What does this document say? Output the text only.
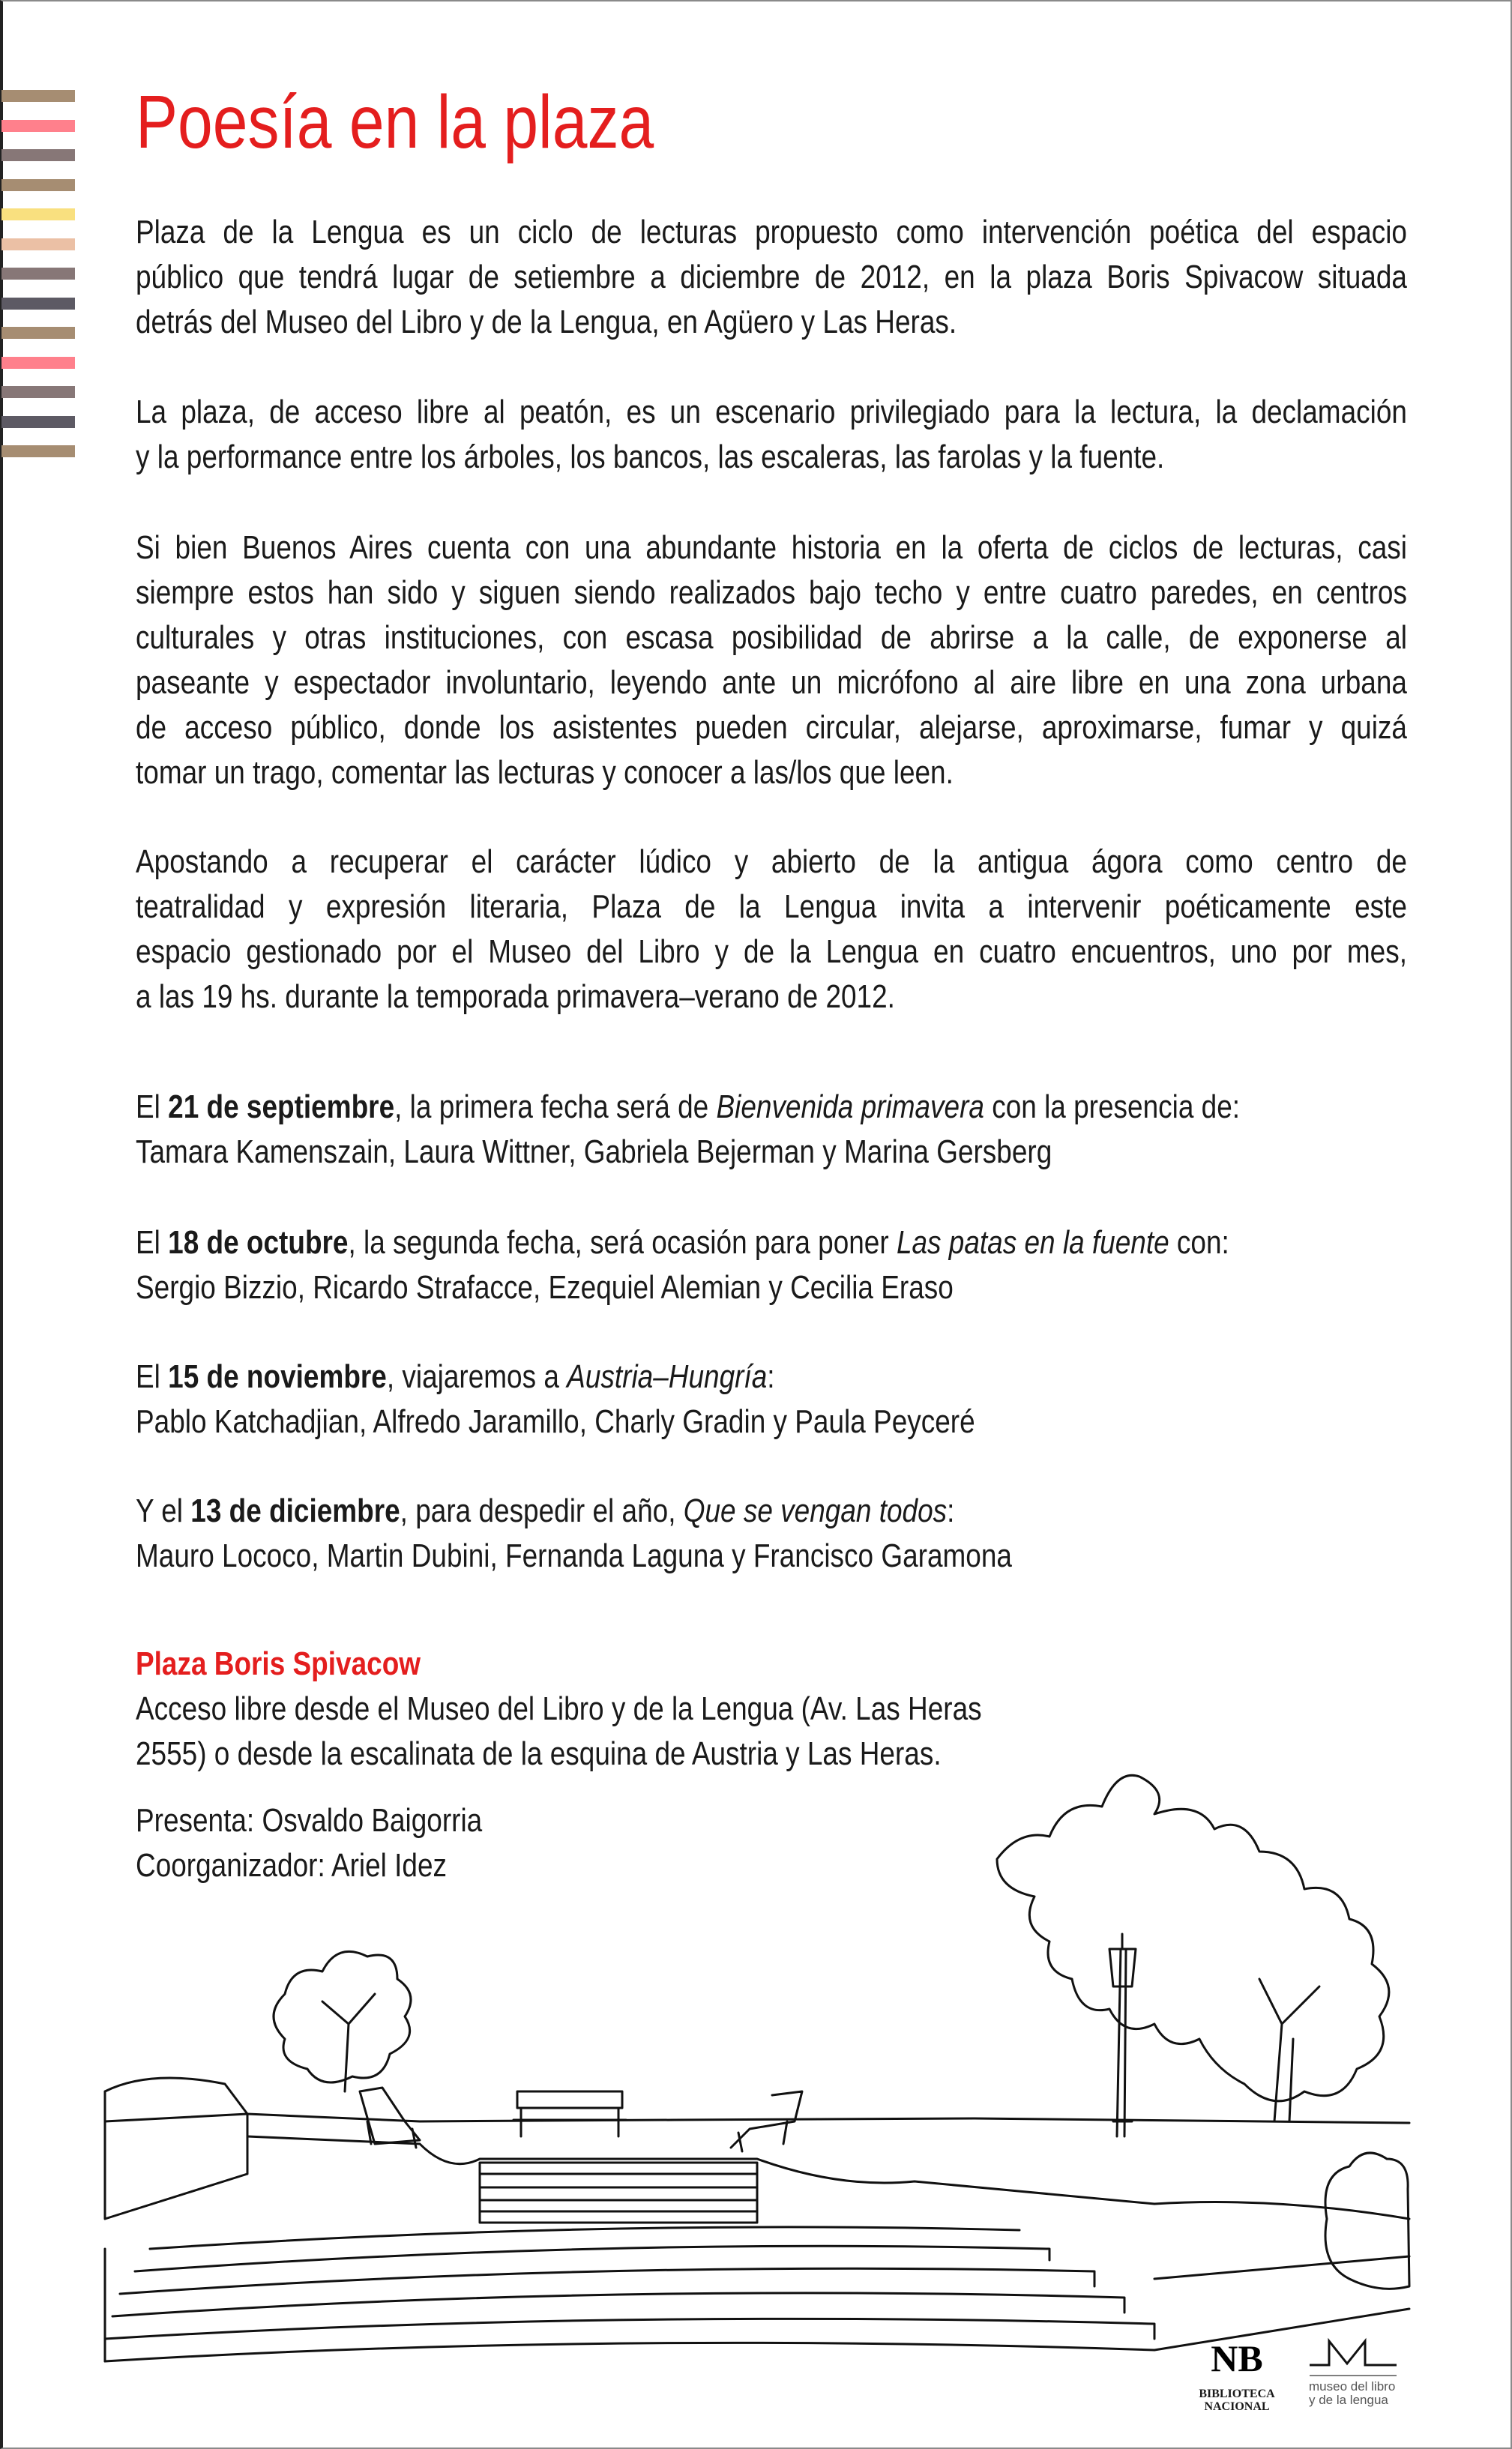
Poesía en la plaza
Plaza de la Lengua es un ciclo de lecturas propuesto como intervención poética del espacio
público que tendrá lugar de setiembre a diciembre de 2012, en la plaza Boris Spivacow situada
detrás del Museo del Libro y de la Lengua, en Agüero y Las Heras.
La plaza, de acceso libre al peatón, es un escenario privilegiado para la lectura, la declamación
y la performance entre los árboles, los bancos, las escaleras, las farolas y la fuente.
Si bien Buenos Aires cuenta con una abundante historia en la oferta de ciclos de lecturas, casi
siempre estos han sido y siguen siendo realizados bajo techo y entre cuatro paredes, en centros
culturales y otras instituciones, con escasa posibilidad de abrirse a la calle, de exponerse al
paseante y espectador involuntario, leyendo ante un micrófono al aire libre en una zona urbana
de acceso público, donde los asistentes pueden circular, alejarse, aproximarse, fumar y quizá
tomar un trago, comentar las lecturas y conocer a las/los que leen.
Apostando a recuperar el carácter lúdico y abierto de la antigua ágora como centro de
teatralidad y expresión literaria, Plaza de la Lengua invita a intervenir poéticamente este
espacio gestionado por el Museo del Libro y de la Lengua en cuatro encuentros, uno por mes,
a las 19 hs. durante la temporada primavera–verano de 2012.
El 21 de septiembre, la primera fecha será de Bienvenida primavera con la presencia de:
Tamara Kamenszain, Laura Wittner, Gabriela Bejerman y Marina Gersberg
El 18 de octubre, la segunda fecha, será ocasión para poner Las patas en la fuente con:
Sergio Bizzio, Ricardo Strafacce, Ezequiel Alemian y Cecilia Eraso
El 15 de noviembre, viajaremos a Austria–Hungría:
Pablo Katchadjian, Alfredo Jaramillo, Charly Gradin y Paula Peyceré
Y el 13 de diciembre, para despedir el año, Que se vengan todos:
Mauro Lococo, Martin Dubini, Fernanda Laguna y Francisco Garamona
Plaza Boris Spivacow
Acceso libre desde el Museo del Libro y de la Lengua (Av. Las Heras
2555) o desde la escalinata de la esquina de Austria y Las Heras.
Presenta: Osvaldo Baigorria
Coorganizador: Ariel Idez
NB
BIBLIOTECA
NACIONAL
museo del libro
y de la lengua
